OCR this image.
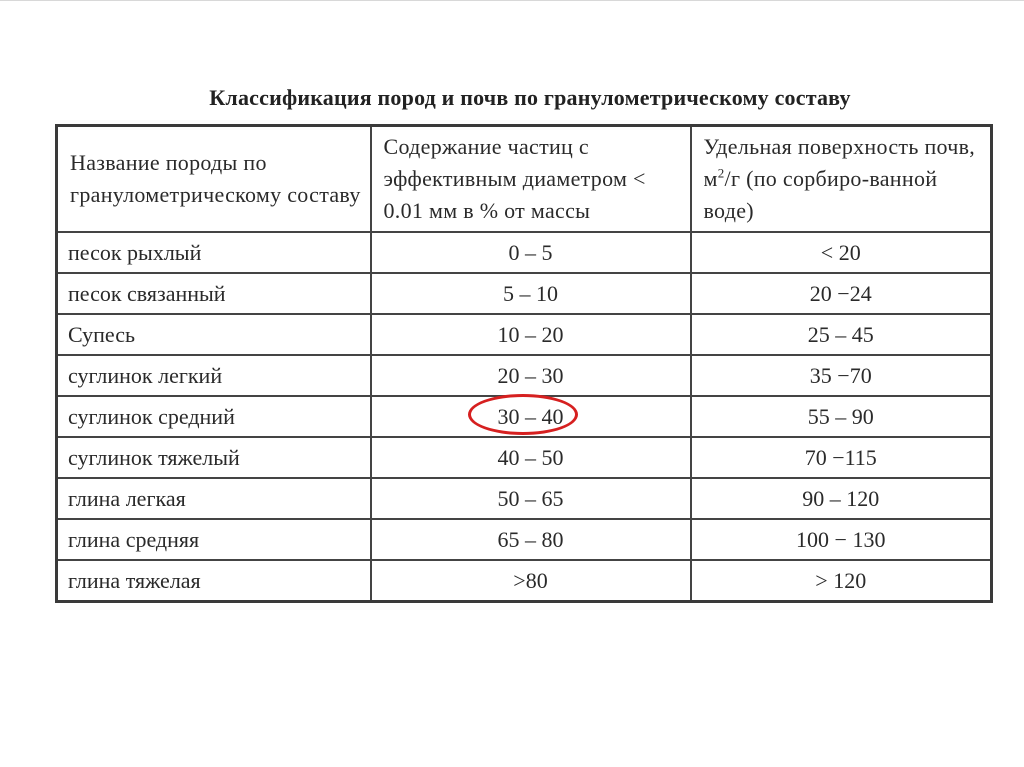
Классификация пород и почв по гранулометрическому составу
Название породы по гранулометрическому составу	Содержание частиц с эффективным диаметром < 0.01 мм в % от массы	Удельная поверхность почв, $м^2/г$ (по сорбиро-ванной воде)
песок рыхлый	0 – 5	< 20
песок связанный	5 – 10	20 −24
Супесь	10 – 20	25 – 45
суглинок легкий	20 – 30	35 −70
суглинок средний	30 – 40	55 – 90
суглинок тяжелый	40 – 50	70 −115
глина легкая	50 – 65	90 – 120
глина средняя	65 – 80	100 − 130
глина тяжелая	>80	> 120
